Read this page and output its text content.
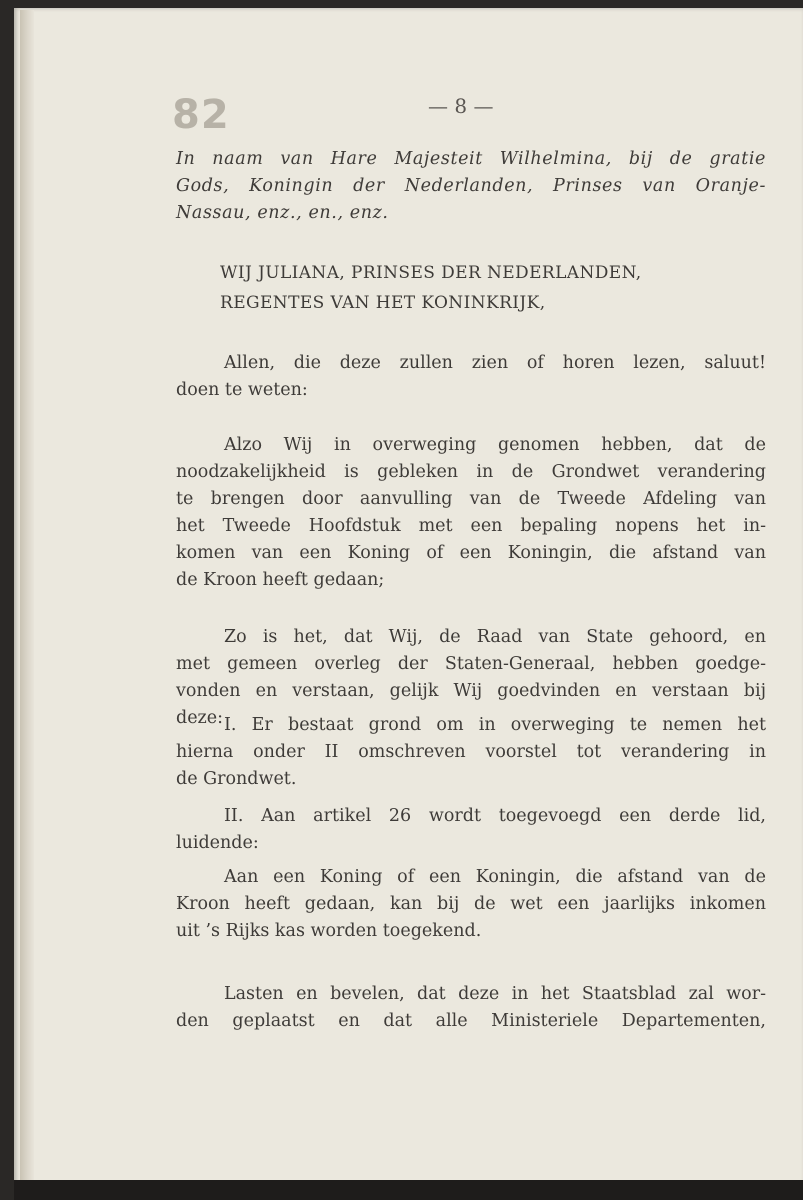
82	— 8 —
In naam van Hare Majesteit Wilhelmina, bij de gratie
Gods, Koningin der Nederlanden, Prinses van Oranje-
Nassau, enz., en., enz.
WIJ JULIANA, PRINSES DER NEDERLANDEN,
REGENTES VAN HET KONINKRIJK,
Allen, die deze zullen zien of horen lezen, saluut!
doen te weten:
Alzo Wij in overweging genomen hebben, dat de
noodzakelijkheid is gebleken in de Grondwet verandering
te brengen door aanvulling van de Tweede Afdeling van
het Tweede Hoofdstuk met een bepaling nopens het in-
komen van een Koning of een Koningin, die afstand van
de Kroon heeft gedaan;
Zo is het, dat Wij, de Raad van State gehoord, en
met gemeen overleg der Staten-Generaal, hebben goedge-
vonden en verstaan, gelijk Wij goedvinden en verstaan bij
deze: I. Er bestaat grond om in overweging te nemen het
hierna onder II omschreven voorstel tot verandering in
de Grondwet.
II. Aan artikel 26 wordt toegevoegd een derde lid,
luidende:
Aan een Koning of een Koningin, die afstand van de
Kroon heeft gedaan, kan bij de wet een jaarlijks inkomen
uit ’s Rijks kas worden toegekend.
Lasten en bevelen, dat deze in het Staatsblad zal wor-
den geplaatst en dat alle Ministeriele Departementen,
